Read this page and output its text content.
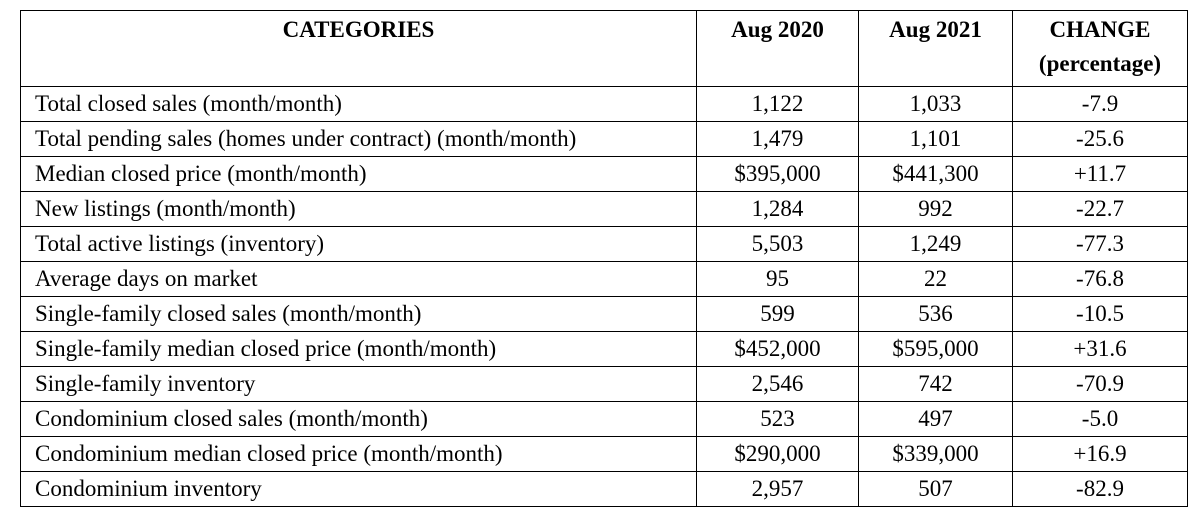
CATEGORIES	Aug 2020	Aug 2021	CHANGE
(percentage)

Total closed sales (month/month)	1,122	1,033	-7.9
Total pending sales (homes under contract) (month/month)	1,479	1,101	-25.6
Median closed price (month/month)	$395,000	$441,300	+11.7
New listings (month/month)	1,284	992	-22.7
Total active listings (inventory)	5,503	1,249	-77.3
Average days on market	95	22	-76.8
Single-family closed sales (month/month)	599	536	-10.5
Single-family median closed price (month/month)	$452,000	$595,000	+31.6
Single-family inventory	2,546	742	-70.9
Condominium closed sales (month/month)	523	497	-5.0
Condominium median closed price (month/month)	$290,000	$339,000	+16.9
Condominium inventory	2,957	507	-82.9
